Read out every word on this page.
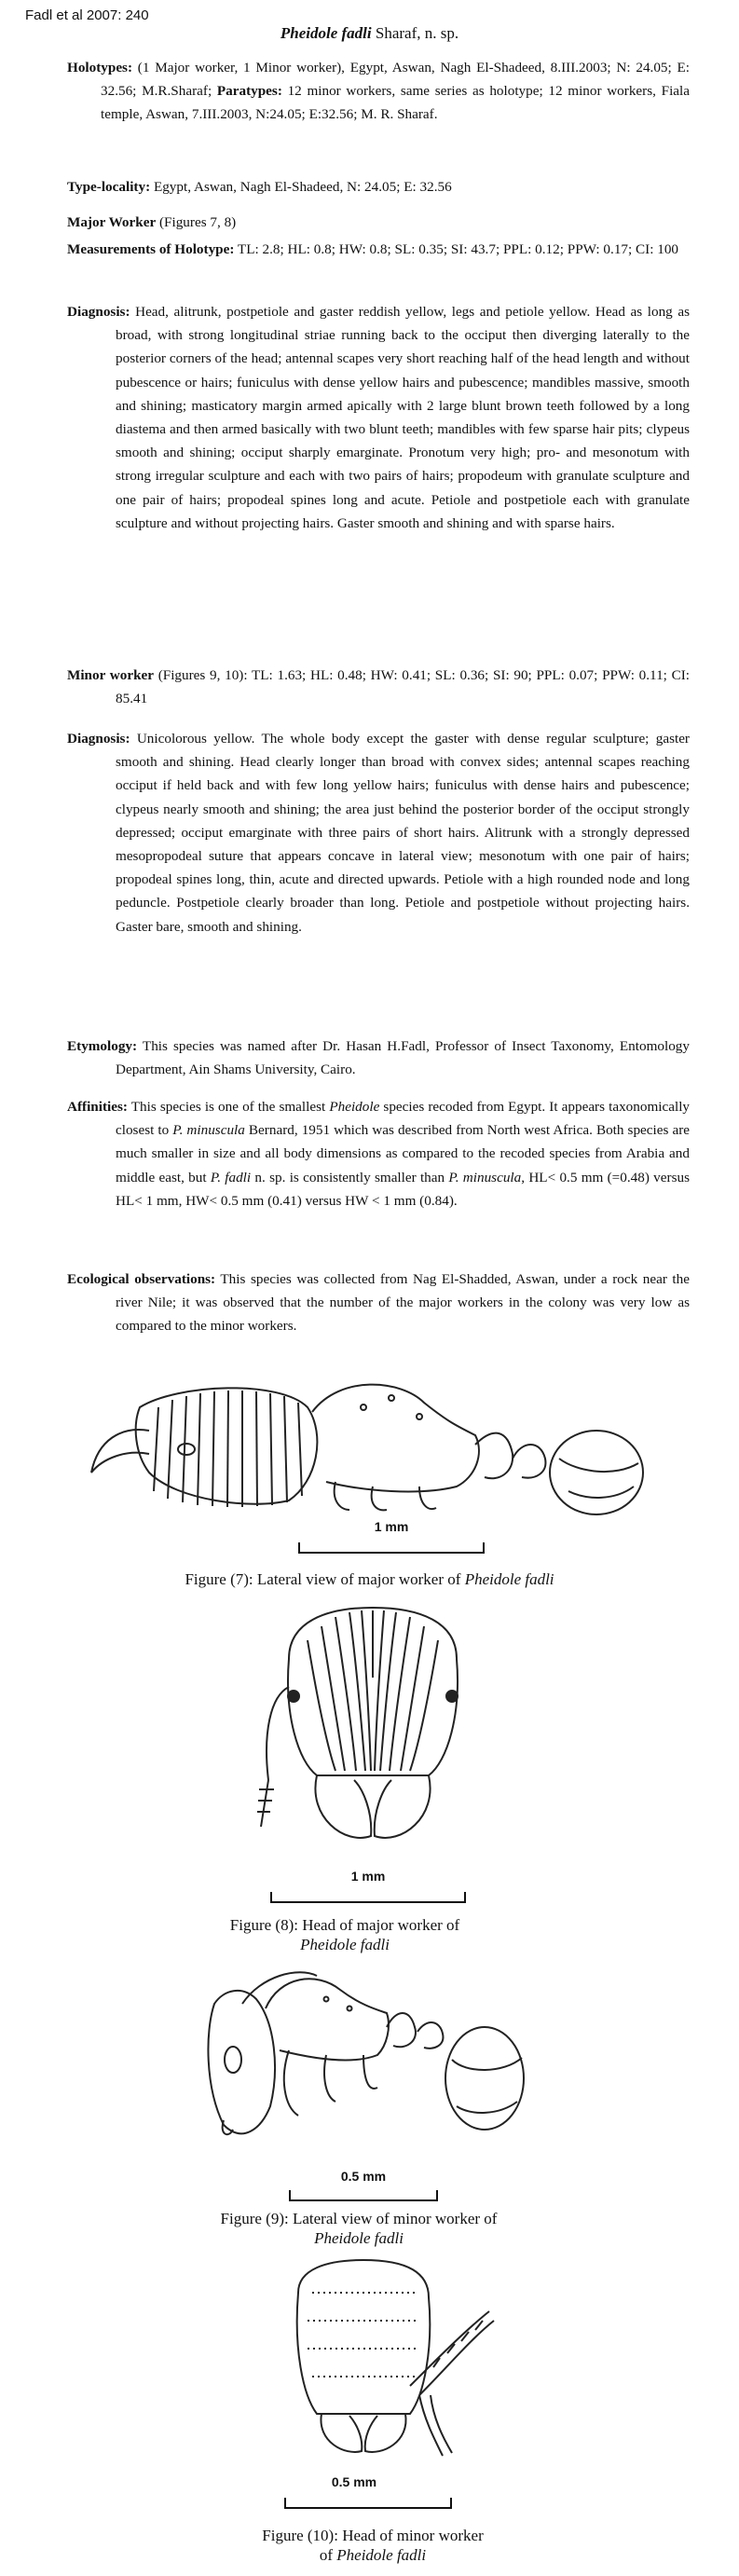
Fadl et al 2007: 240
Pheidole fadli Sharaf, n. sp.
Holotypes: (1 Major worker, 1 Minor worker), Egypt, Aswan, Nagh El-Shadeed, 8.III.2003; N: 24.05; E: 32.56; M.R.Sharaf; Paratypes: 12 minor workers, same series as holotype; 12 minor workers, Fiala temple, Aswan, 7.III.2003, N:24.05; E:32.56; M. R. Sharaf.
Type-locality: Egypt, Aswan, Nagh El-Shadeed, N: 24.05; E: 32.56
Major Worker (Figures 7, 8)
Measurements of Holotype: TL: 2.8; HL: 0.8; HW: 0.8; SL: 0.35; SI: 43.7; PPL: 0.12; PPW: 0.17; CI: 100
Diagnosis: Head, alitrunk, postpetiole and gaster reddish yellow, legs and petiole yellow. Head as long as broad, with strong longitudinal striae running back to the occiput then diverging laterally to the posterior corners of the head; antennal scapes very short reaching half of the head length and without pubescence or hairs; funiculus with dense yellow hairs and pubescence; mandibles massive, smooth and shining; masticatory margin armed apically with 2 large blunt brown teeth followed by a long diastema and then armed basically with two blunt teeth; mandibles with few sparse hair pits; clypeus smooth and shining; occiput sharply emarginate. Pronotum very high; pro- and mesonotum with strong irregular sculpture and each with two pairs of hairs; propodeum with granulate sculpture and one pair of hairs; propodeal spines long and acute. Petiole and postpetiole each with granulate sculpture and without projecting hairs. Gaster smooth and shining and with sparse hairs.
Minor worker (Figures 9, 10): TL: 1.63; HL: 0.48; HW: 0.41; SL: 0.36; SI: 90; PPL: 0.07; PPW: 0.11; CI: 85.41
Diagnosis: Unicolorous yellow. The whole body except the gaster with dense regular sculpture; gaster smooth and shining. Head clearly longer than broad with convex sides; antennal scapes reaching occiput if held back and with few long yellow hairs; funiculus with dense hairs and pubescence; clypeus nearly smooth and shining; the area just behind the posterior border of the occiput strongly depressed; occiput emarginate with three pairs of short hairs. Alitrunk with a strongly depressed mesopropodeal suture that appears concave in lateral view; mesonotum with one pair of hairs; propodeal spines long, thin, acute and directed upwards. Petiole with a high rounded node and long peduncle. Postpetiole clearly broader than long. Petiole and postpetiole without projecting hairs. Gaster bare, smooth and shining.
Etymology: This species was named after Dr. Hasan H.Fadl, Professor of Insect Taxonomy, Entomology Department, Ain Shams University, Cairo.
Affinities: This species is one of the smallest Pheidole species recoded from Egypt. It appears taxonomically closest to P. minuscula Bernard, 1951 which was described from North west Africa. Both species are much smaller in size and all body dimensions as compared to the recoded species from Arabia and middle east, but P. fadli n. sp. is consistently smaller than P. minuscula, HL< 0.5 mm (=0.48) versus HL< 1 mm, HW< 0.5 mm (0.41) versus HW < 1 mm (0.84).
Ecological observations: This species was collected from Nag El-Shadded, Aswan, under a rock near the river Nile; it was observed that the number of the major workers in the colony was very low as compared to the minor workers.
1 mm
Figure (7): Lateral view of major worker of Pheidole fadli
1 mm
Figure (8): Head of major worker of
Pheidole fadli
0.5 mm
Figure (9): Lateral view of minor worker of
Pheidole fadli
0.5 mm
Figure (10): Head of minor worker
of Pheidole fadli
